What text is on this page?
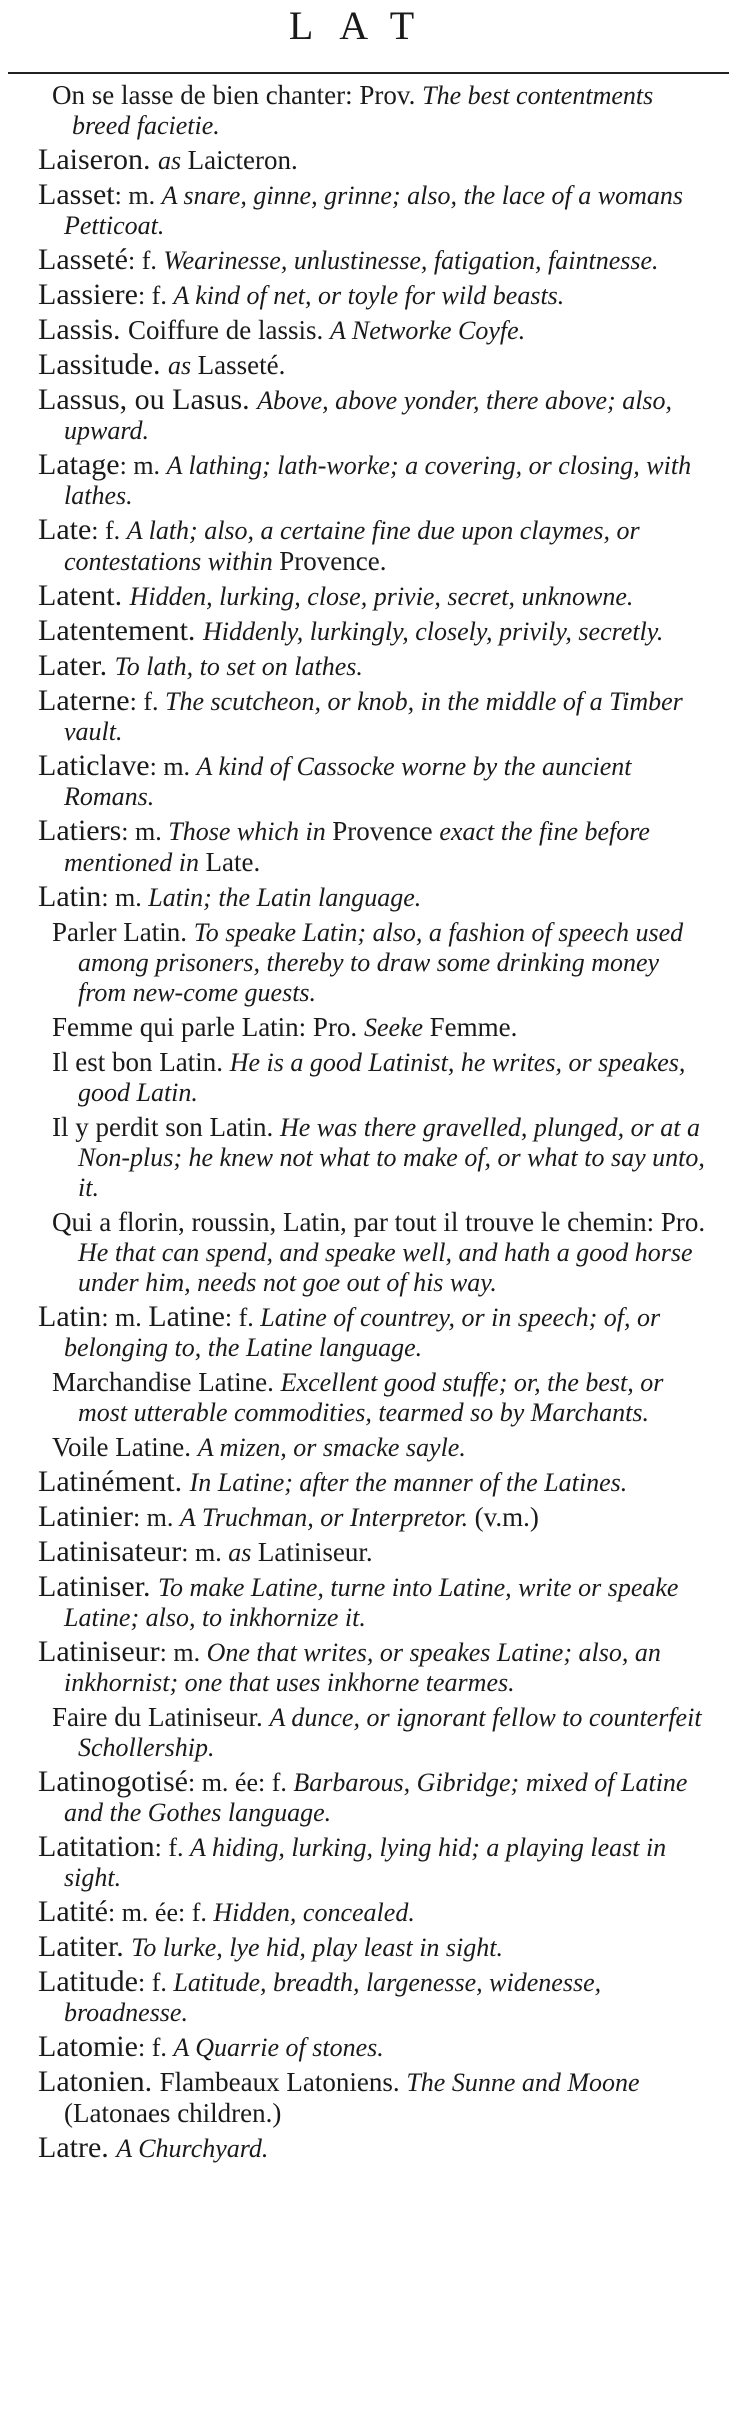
LAT
On se lasse de bien chanter: Prov. The best contentments breed facietie.
Laiseron. as Laicteron.
Lasset: m. A snare, ginne, grinne; also, the lace of a womans Petticoat.
Lasseté: f. Wearinesse, unlustinesse, fatigation, faintnesse.
Lassiere: f. A kind of net, or toyle for wild beasts.
Lassis. Coiffure de lassis. A Networke Coyfe.
Lassitude. as Lasseté.
Lassus, ou Lasus. Above, above yonder, there above; also, upward.
Latage: m. A lathing; lath-worke; a covering, or closing, with lathes.
Late: f. A lath; also, a certaine fine due upon claymes, or contestations within Provence.
Latent. Hidden, lurking, close, privie, secret, unknowne.
Latentement. Hiddenly, lurkingly, closely, privily, secretly.
Later. To lath, to set on lathes.
Laterne: f. The scutcheon, or knob, in the middle of a Timber vault.
Laticlave: m. A kind of Cassocke worne by the auncient Romans.
Latiers: m. Those which in Provence exact the fine before mentioned in Late.
Latin: m. Latin; the Latin language.
Parler Latin. To speake Latin; also, a fashion of speech used among prisoners, thereby to draw some drinking money from new-come guests.
Femme qui parle Latin: Pro. Seeke Femme.
Il est bon Latin. He is a good Latinist, he writes, or speakes, good Latin.
Il y perdit son Latin. He was there gravelled, plunged, or at a Non-plus; he knew not what to make of, or what to say unto, it.
Qui a florin, roussin, Latin, par tout il trouve le chemin: Pro. He that can spend, and speake well, and hath a good horse under him, needs not goe out of his way.
Latin: m. Latine: f. Latine of countrey, or in speech; of, or belonging to, the Latine language.
Marchandise Latine. Excellent good stuffe; or, the best, or most utterable commodities, tearmed so by Marchants.
Voile Latine. A mizen, or smacke sayle.
Latinément. In Latine; after the manner of the Latines.
Latinier: m. A Truchman, or Interpretor. (v.m.)
Latinisateur: m. as Latiniseur.
Latiniser. To make Latine, turne into Latine, write or speake Latine; also, to inkhornize it.
Latiniseur: m. One that writes, or speakes Latine; also, an inkhornist; one that uses inkhorne tearmes.
Faire du Latiniseur. A dunce, or ignorant fellow to counterfeit Schollership.
Latinogotisé: m. ée: f. Barbarous, Gibridge; mixed of Latine and the Gothes language.
Latitation: f. A hiding, lurking, lying hid; a playing least in sight.
Latité: m. ée: f. Hidden, concealed.
Latiter. To lurke, lye hid, play least in sight.
Latitude: f. Latitude, breadth, largenesse, widenesse, broadnesse.
Latomie: f. A Quarrie of stones.
Latonien. Flambeaux Latoniens. The Sunne and Moone (Latonaes children.)
Latre. A Churchyard.
